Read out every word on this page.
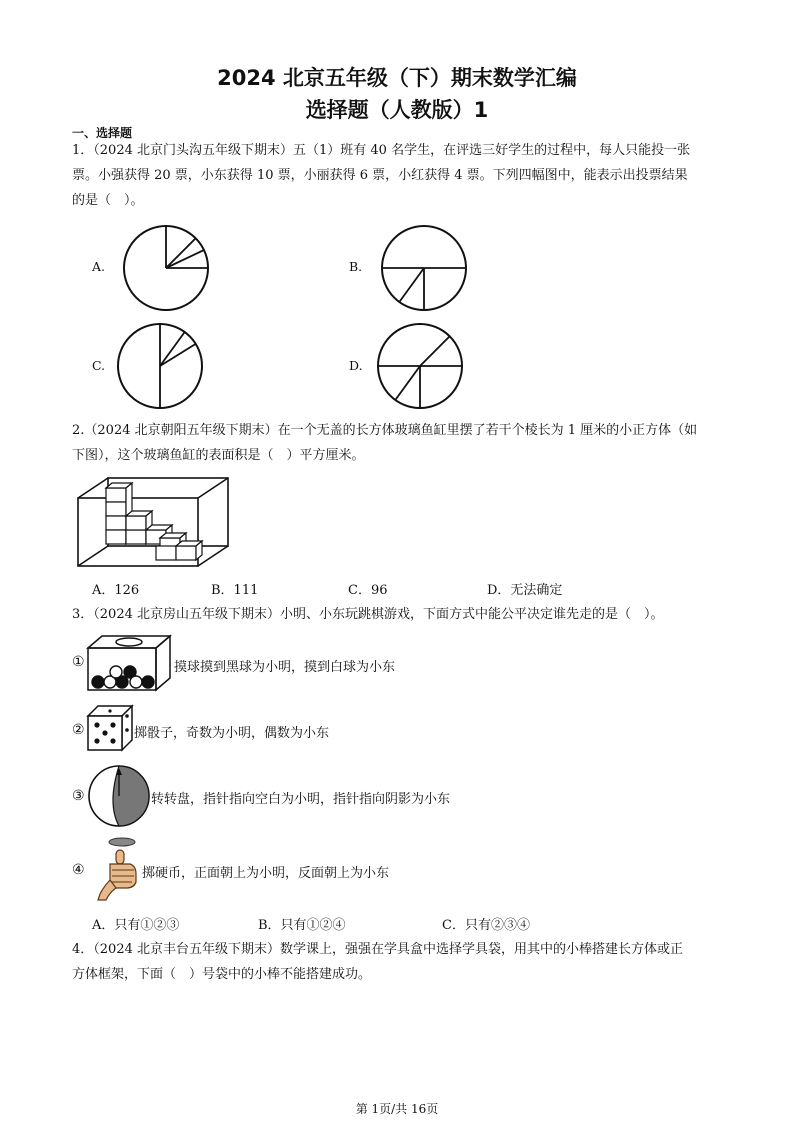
2024 北京五年级（下）期末数学汇编
选择题（人教版）1
一、选择题
1．（2024 北京门头沟五年级下期末）五（1）班有 40 名学生，在评选三好学生的过程中，每人只能投一张
票。小强获得 20 票，小东获得 10 票，小丽获得 6 票，小红获得 4 票。下列四幅图中，能表示出投票结果
的是（　）。
A.	B.
C.	D.
2.（2024 北京朝阳五年级下期末）在一个无盖的长方体玻璃鱼缸里摆了若干个棱长为 1 厘米的小正方体（如
下图），这个玻璃鱼缸的表面积是（　）平方厘米。
A．126	B．111	C．96	D．无法确定
3．（2024 北京房山五年级下期末）小明、小东玩跳棋游戏，下面方式中能公平决定谁先走的是（　）。
①	摸球摸到黑球为小明，摸到白球为小东
②	掷骰子，奇数为小明，偶数为小东
③	转转盘，指针指向空白为小明，指针指向阴影为小东
④	掷硬币，正面朝上为小明，反面朝上为小东
A．只有①②③	B．只有①②④	C．只有②③④
4．（2024 北京丰台五年级下期末）数学课上，强强在学具盒中选择学具袋，用其中的小棒搭建长方体或正
方体框架，下面（　）号袋中的小棒不能搭建成功。
第 1页/共 16页
